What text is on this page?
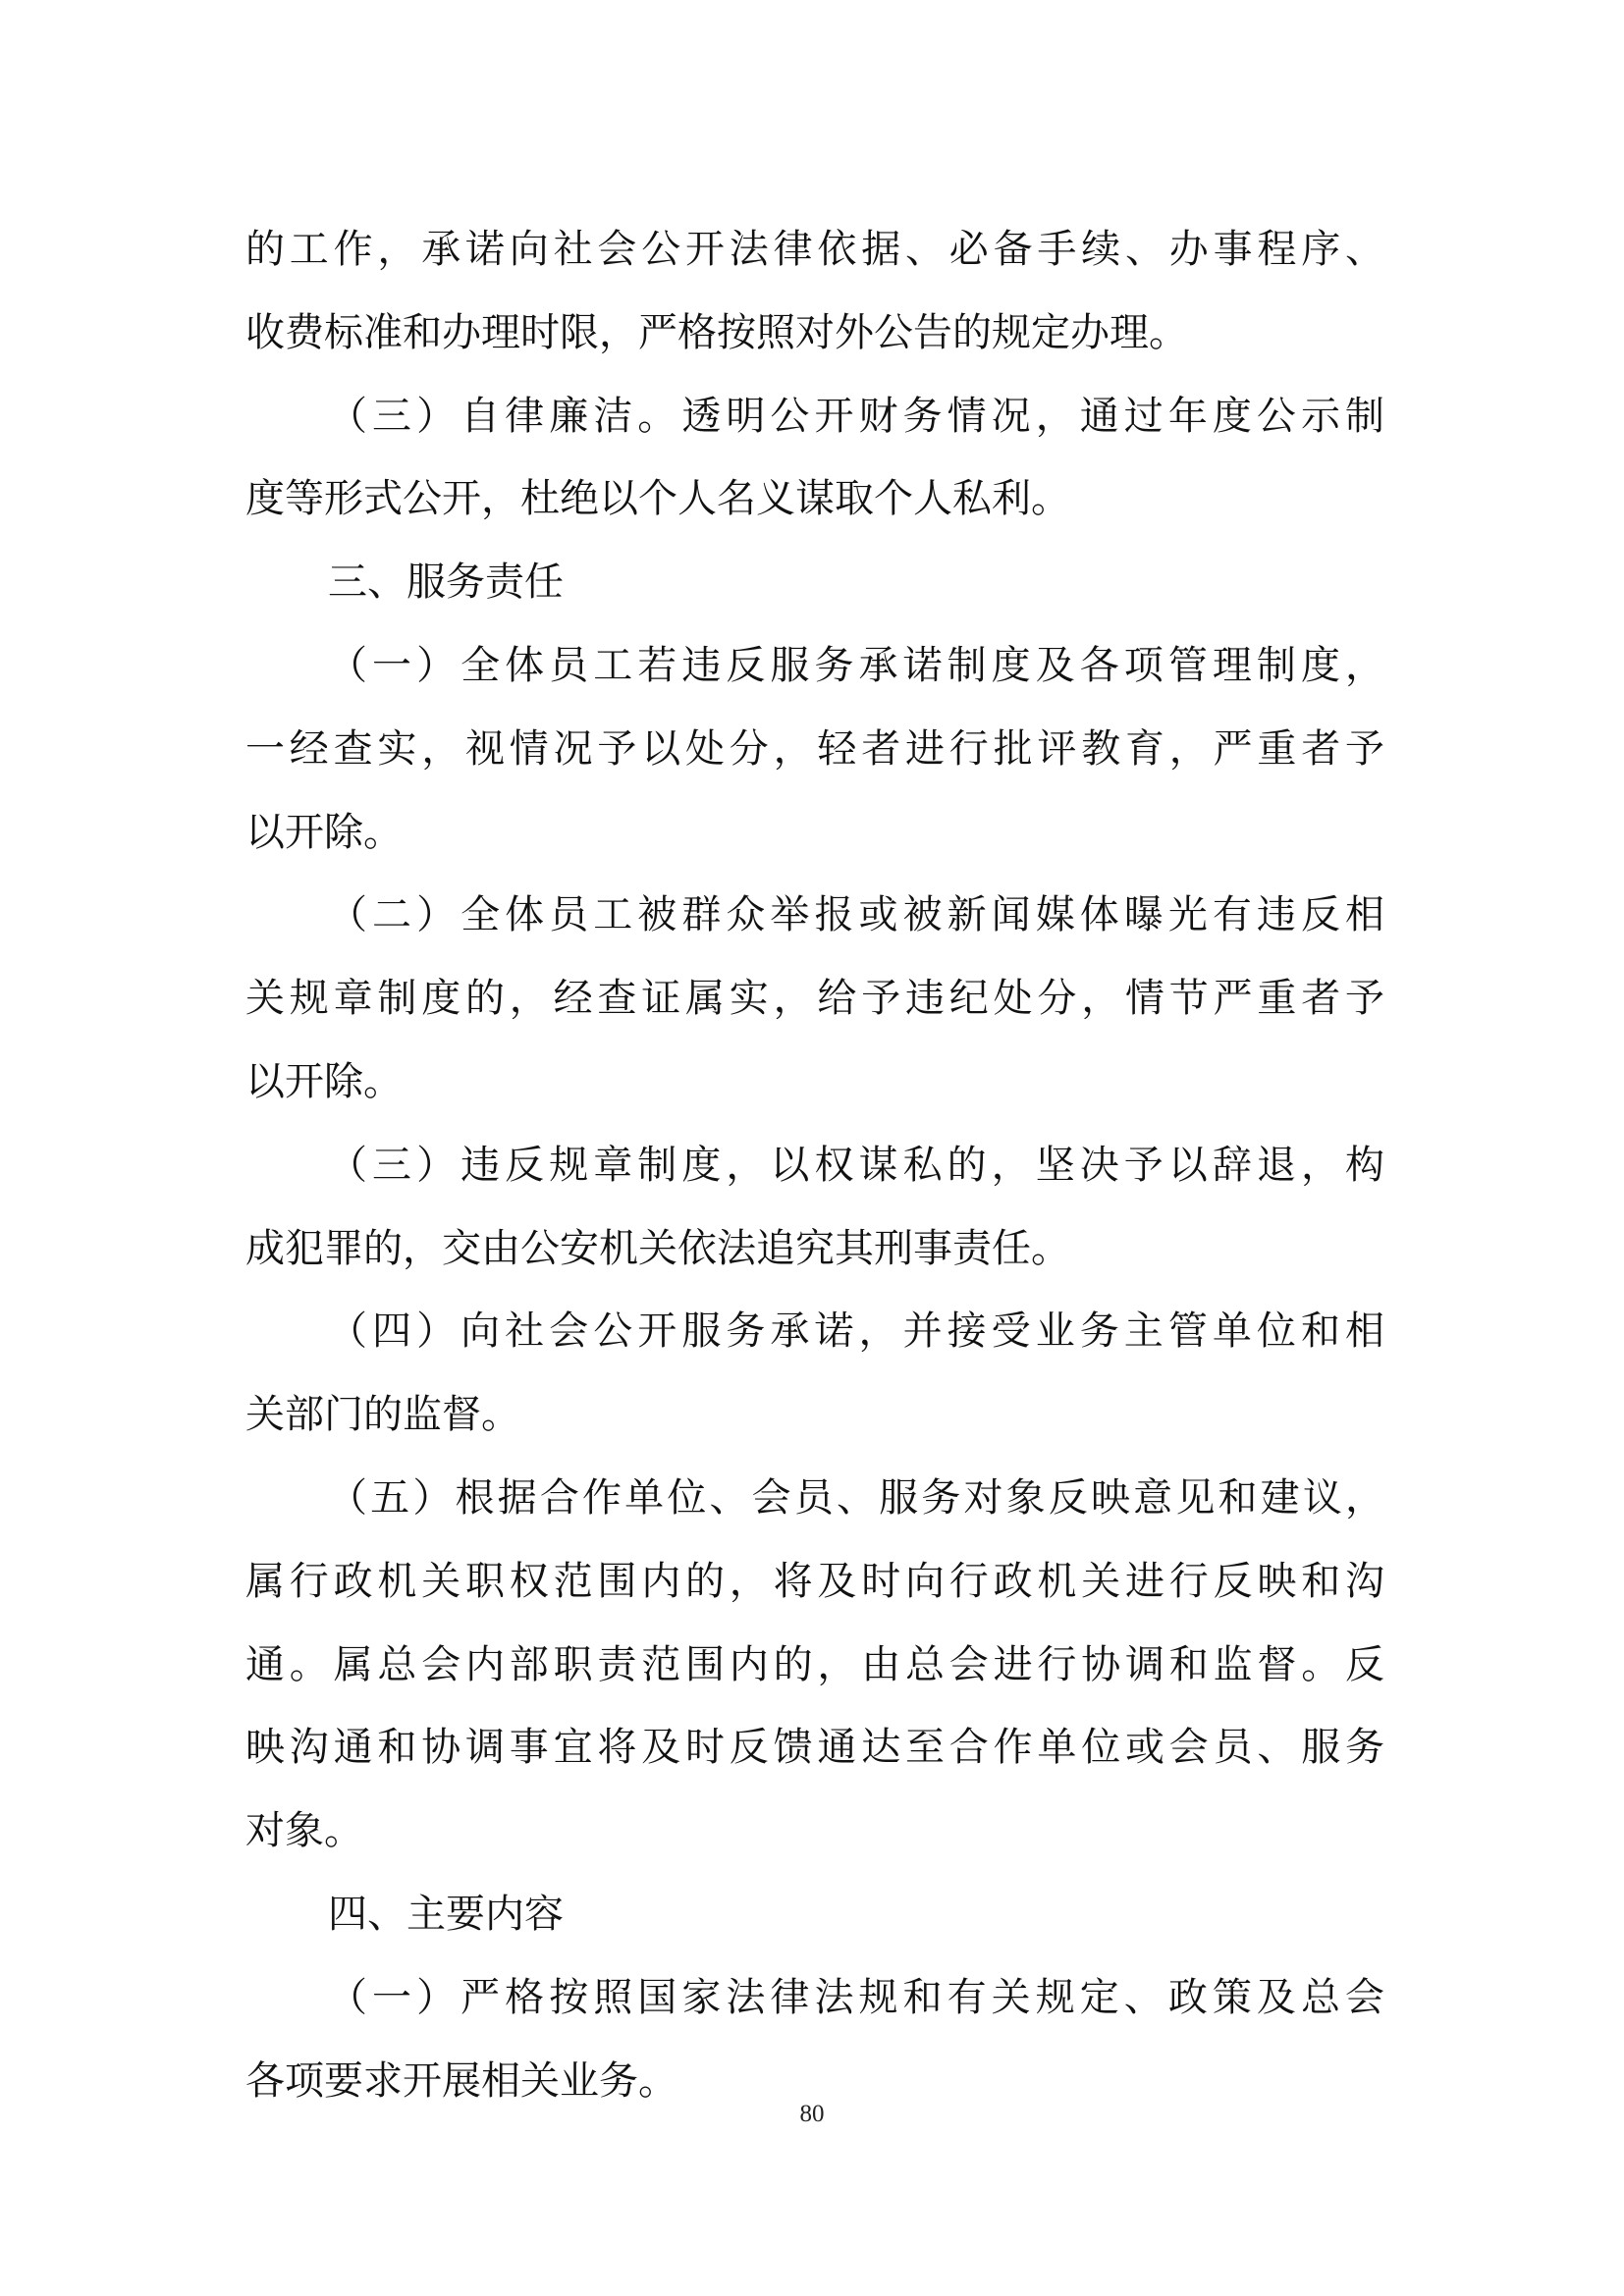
的工作，承诺向社会公开法律依据、必备手续、办事程序、
收费标准和办理时限，严格按照对外公告的规定办理。
（三）自律廉洁。透明公开财务情况，通过年度公示制
度等形式公开，杜绝以个人名义谋取个人私利。
三、服务责任
（一）全体员工若违反服务承诺制度及各项管理制度，
一经查实，视情况予以处分，轻者进行批评教育，严重者予
以开除。
（二）全体员工被群众举报或被新闻媒体曝光有违反相
关规章制度的，经查证属实，给予违纪处分，情节严重者予
以开除。
（三）违反规章制度，以权谋私的，坚决予以辞退，构
成犯罪的，交由公安机关依法追究其刑事责任。
（四）向社会公开服务承诺，并接受业务主管单位和相
关部门的监督。
（五）根据合作单位、会员、服务对象反映意见和建议，
属行政机关职权范围内的，将及时向行政机关进行反映和沟
通。属总会内部职责范围内的，由总会进行协调和监督。反
映沟通和协调事宜将及时反馈通达至合作单位或会员、服务
对象。
四、主要内容
（一）严格按照国家法律法规和有关规定、政策及总会
各项要求开展相关业务。
80
